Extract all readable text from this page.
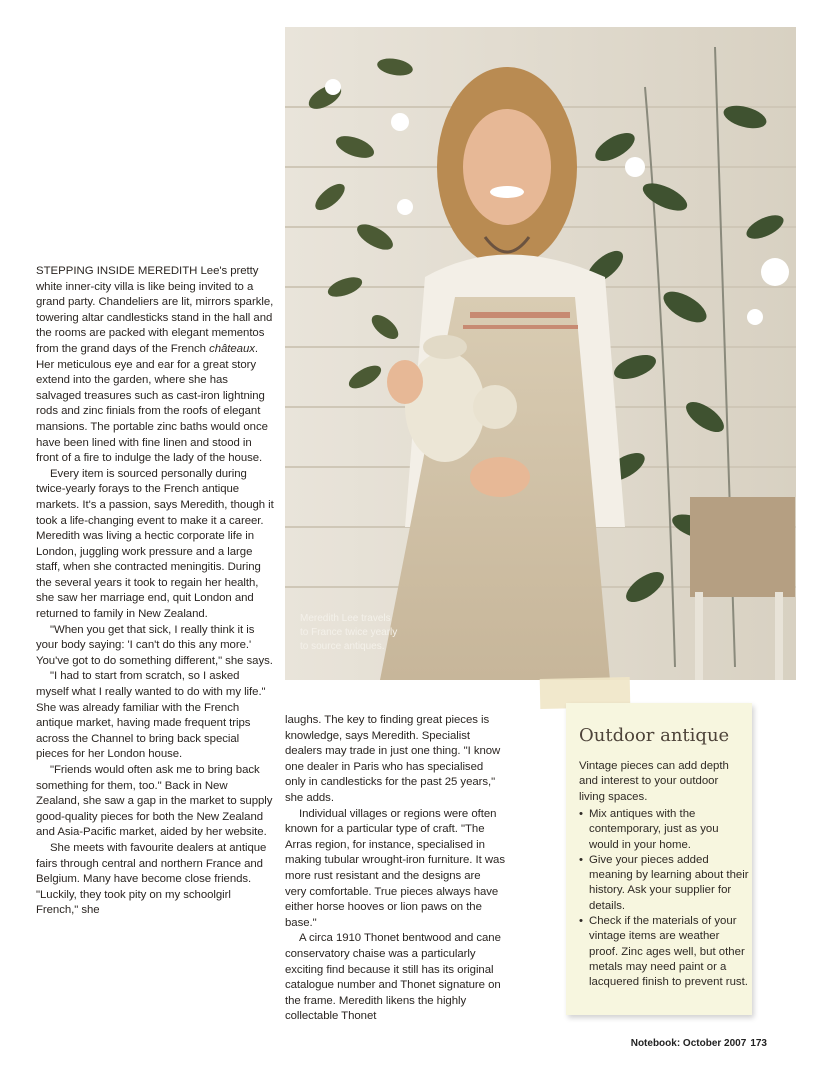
STEPPING INSIDE MEREDITH Lee's pretty white inner-city villa is like being invited to a grand party. Chandeliers are lit, mirrors sparkle, towering altar candlesticks stand in the hall and the rooms are packed with elegant mementos from the grand days of the French châteaux. Her meticulous eye and ear for a great story extend into the garden, where she has salvaged treasures such as cast-iron lightning rods and zinc finials from the roofs of elegant mansions. The portable zinc baths would once have been lined with fine linen and stood in front of a fire to indulge the lady of the house.

Every item is sourced personally during twice-yearly forays to the French antique markets. It's a passion, says Meredith, though it took a life-changing event to make it a career. Meredith was living a hectic corporate life in London, juggling work pressure and a large staff, when she contracted meningitis. During the several years it took to regain her health, she saw her marriage end, quit London and returned to family in New Zealand.

"When you get that sick, I really think it is your body saying: 'I can't do this any more.' You've got to do something different," she says.

"I had to start from scratch, so I asked myself what I really wanted to do with my life." She was already familiar with the French antique market, having made frequent trips across the Channel to bring back special pieces for her London house.

"Friends would often ask me to bring back something for them, too." Back in New Zealand, she saw a gap in the market to supply good-quality pieces for both the New Zealand and Asia-Pacific market, aided by her website.

She meets with favourite dealers at antique fairs through central and northern France and Belgium. Many have become close friends. "Luckily, they took pity on my schoolgirl French," she

Meredith Lee travels to France twice yearly to source antiques.

laughs. The key to finding great pieces is knowledge, says Meredith. Specialist dealers may trade in just one thing. "I know one dealer in Paris who has specialised only in candlesticks for the past 25 years," she adds.

Individual villages or regions were often known for a particular type of craft. "The Arras region, for instance, specialised in making tubular wrought-iron furniture. It was more rust resistant and the designs are very comfortable. True pieces always have either horse hooves or lion paws on the base."

A circa 1910 Thonet bentwood and cane conservatory chaise was a particularly exciting find because it still has its original catalogue number and Thonet signature on the frame. Meredith likens the highly collectable Thonet

Outdoor antique
Vintage pieces can add depth and interest to your outdoor living spaces.
• Mix antiques with the contemporary, just as you would in your home.
• Give your pieces added meaning by learning about their history. Ask your supplier for details.
• Check if the materials of your vintage items are weather proof. Zinc ages well, but other metals may need paint or a lacquered finish to prevent rust.
Notebook: October 2007 173
